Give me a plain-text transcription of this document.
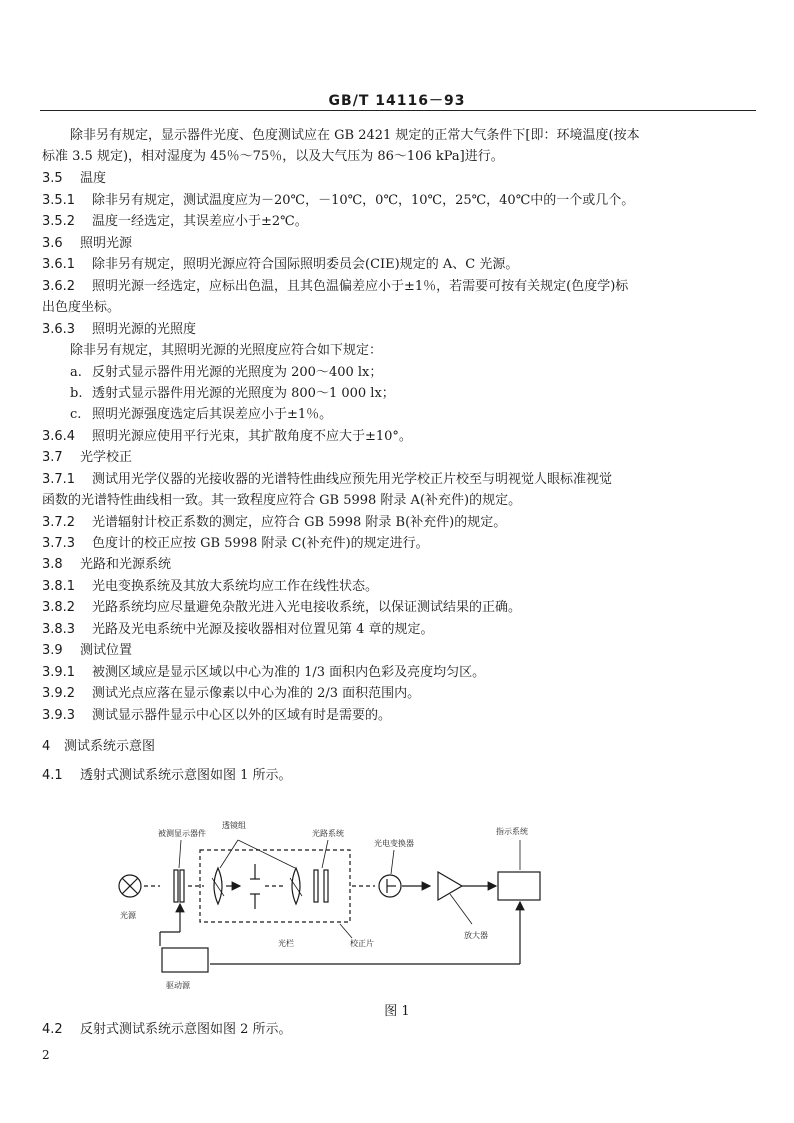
GB/T 14116－93
除非另有规定，显示器件光度、色度测试应在 GB 2421 规定的正常大气条件下[即：环境温度(按本
标准 3.5 规定)，相对湿度为 45％～75％，以及大气压为 86～106 kPa]进行。
3.5 温度
3.5.1 除非另有规定，测试温度应为－20℃，－10℃，0℃，10℃，25℃，40℃中的一个或几个。
3.5.2 温度一经选定，其误差应小于±2℃。
3.6 照明光源
3.6.1 除非另有规定，照明光源应符合国际照明委员会(CIE)规定的 A、C 光源。
3.6.2 照明光源一经选定，应标出色温，且其色温偏差应小于±1％，若需要可按有关规定(色度学)标
出色度坐标。
3.6.3 照明光源的光照度
除非另有规定，其照明光源的光照度应符合如下规定：
a. 反射式显示器件用光源的光照度为 200～400 lx；
b. 透射式显示器件用光源的光照度为 800～1 000 lx；
c. 照明光源强度选定后其误差应小于±1％。
3.6.4 照明光源应使用平行光束，其扩散角度不应大于±10°。
3.7 光学校正
3.7.1 测试用光学仪器的光接收器的光谱特性曲线应预先用光学校正片校至与明视觉人眼标准视觉
函数的光谱特性曲线相一致。其一致程度应符合 GB 5998 附录 A(补充件)的规定。
3.7.2 光谱辐射计校正系数的测定，应符合 GB 5998 附录 B(补充件)的规定。
3.7.3 色度计的校正应按 GB 5998 附录 C(补充件)的规定进行。
3.8 光路和光源系统
3.8.1 光电变换系统及其放大系统均应工作在线性状态。
3.8.2 光路系统均应尽量避免杂散光进入光电接收系统，以保证测试结果的正确。
3.8.3 光路及光电系统中光源及接收器相对位置见第 4 章的规定。
3.9 测试位置
3.9.1 被测区域应是显示区域以中心为准的 1/3 面积内色彩及亮度均匀区。
3.9.2 测试光点应落在显示像素以中心为准的 2/3 面积范围内。
3.9.3 测试显示器件显示中心区以外的区域有时是需要的。
4 测试系统示意图
4.1 透射式测试系统示意图如图 1 所示。
被测显示器件
透镜组
光路系统
光电变换器
指示系统
光源
光栏	校正片
放大器
驱动源
图 1
4.2 反射式测试系统示意图如图 2 所示。
2
